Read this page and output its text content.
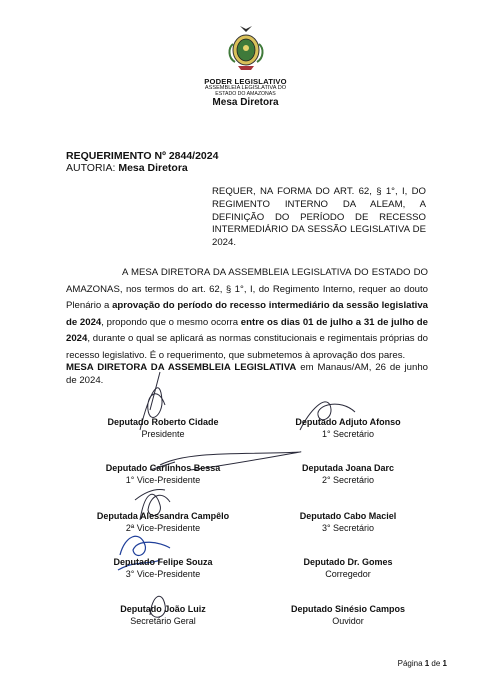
PODER LEGISLATIVO
ASSEMBLEIA LEGISLATIVA DO
ESTADO DO AMAZONAS
Mesa Diretora
REQUERIMENTO Nº 2844/2024
AUTORIA: Mesa Diretora
REQUER, NA FORMA DO ART. 62, § 1°, I, DO REGIMENTO INTERNO DA ALEAM, A DEFINIÇÃO DO PERÍODO DE RECESSO INTERMEDIÁRIO DA SESSÃO LEGISLATIVA DE 2024.

A MESA DIRETORA DA ASSEMBLEIA LEGISLATIVA DO ESTADO DO AMAZONAS, nos termos do art. 62, § 1°, I, do Regimento Interno, requer ao douto Plenário a aprovação do período do recesso intermediário da sessão legislativa de 2024, propondo que o mesmo ocorra entre os dias 01 de julho a 31 de julho de 2024, durante o qual se aplicará as normas constitucionais e regimentais próprias do recesso legislativo. É o requerimento, que submetemos à aprovação dos pares.

MESA DIRETORA DA ASSEMBLEIA LEGISLATIVA em Manaus/AM, 26 de junho de 2024.
Deputado Roberto Cidade
Presidente
Deputado Adjuto Afonso
1° Secretário
Deputado Carlinhos Bessa
1° Vice-Presidente
Deputada Joana Darc
2° Secretário
Deputada Alessandra Campêlo
2ª Vice-Presidente
Deputado Cabo Maciel
3° Secretário
Deputado Felipe Souza
3° Vice-Presidente
Deputado Dr. Gomes
Corregedor
Deputado João Luiz
Secretário Geral
Deputado Sinésio Campos
Ouvidor
Página 1 de 1
